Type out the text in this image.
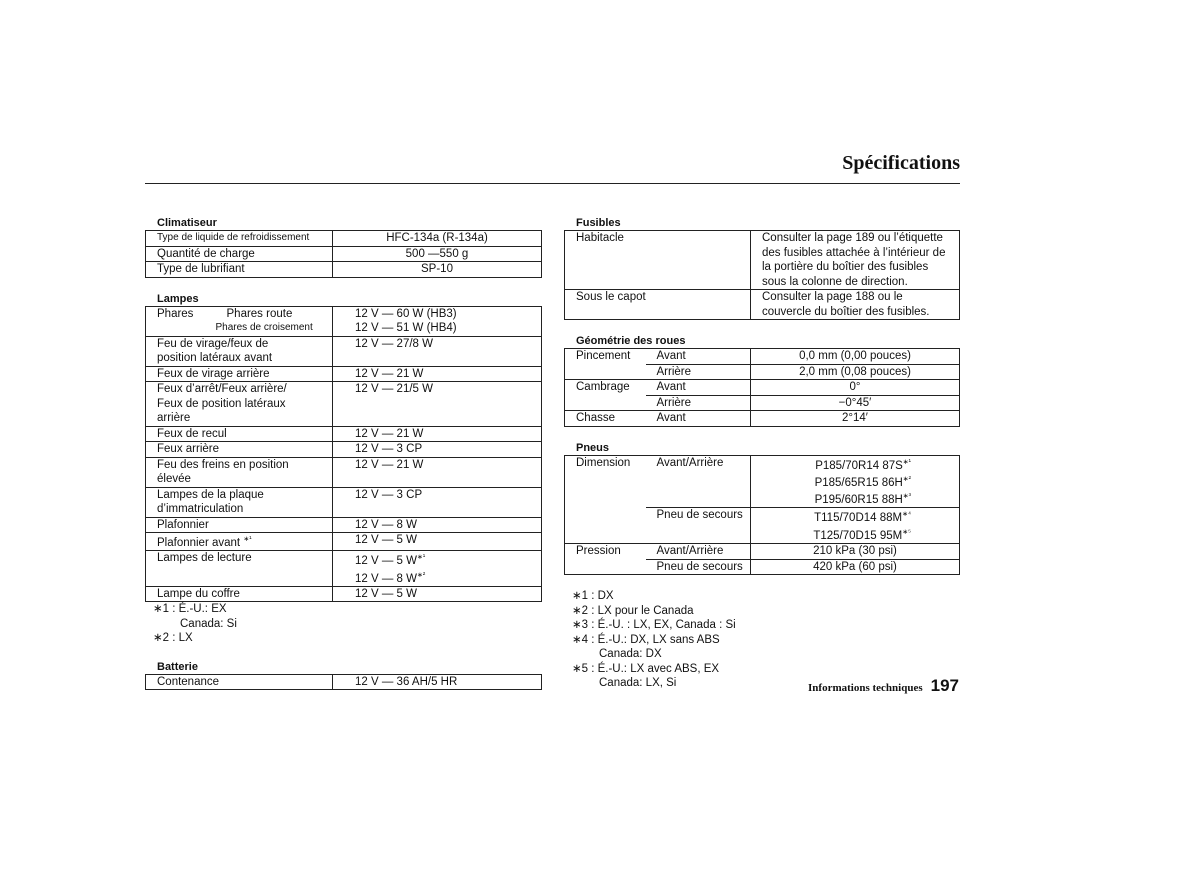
Spécifications
Climatiseur
Type de liquide de refroidissement	HFC-134a (R-134a)
Quantité de charge	500 —550 g
Type de lubrifiant	SP-10
Lampes
Phares	Phares route	12 V — 60 W (HB3)
	Phares de croisement	12 V — 51 W (HB4)

Feu de virage/feux de
position latéraux avant		12 V — 27/8 W
Feux de virage arrière		12 V — 21 W

Feux d’arrêt/Feux arrière/
Feux de position latéraux
arrière		12 V — 21/5 W
Feux de recul		12 V — 21 W
Feux arrière		12 V — 3 CP

Feu des freins en position
élevée		12 V — 21 W

Lampes de la plaque
d’immatriculation		12 V — 3 CP
Plafonnier		12 V — 8 W
Plafonnier avant $^{∗^1}$		12 V — 5 W
Lampes de lecture		12 V — 5 $W^{∗^1}$
12 V — 8 $W^{∗^2}$

Lampe du coffre		12 V — 5 W
∗1 : É.-U.: EX
Canada: Si
∗2 : LX
Batterie
Contenance	12 V — 36 AH/5 HR
Fusibles
Habitacle	Consulter la page 189 ou l’étiquette
des fusibles attachée à l’intérieur de
la portière du boîtier des fusibles
sous la colonne de direction.

Sous le capot	Consulter la page 188 ou le
couvercle du boîtier des fusibles.
Géométrie des roues
Pincement	Avant	0,0 mm (0,00 pouces)
	Arrière	2,0 mm (0,08 pouces)
Cambrage	Avant	0°
	Arrière	−0°45′
Chasse	Avant	2°14′
Pneus
Dimension	Avant/Arrière	P185/70R14 $87S^{∗^1}$
P185/65R15 $86H^{∗^2}$
P195/60R15 $88H^{∗^3}$

	Pneu de secours	T115/70D14 $88M^{∗^4}$
T125/70D15 $95M^{∗^5}$

Pression	Avant/Arrière	210 kPa (30 psi)
	Pneu de secours	420 kPa (60 psi)
∗1 : DX
∗2 : LX pour le Canada
∗3 : É.-U. : LX, EX, Canada : Si
∗4 : É.-U.: DX, LX sans ABS
Canada: DX
∗5 : É.-U.: LX avec ABS, EX
Canada: LX, Si	Informations techniques 197
